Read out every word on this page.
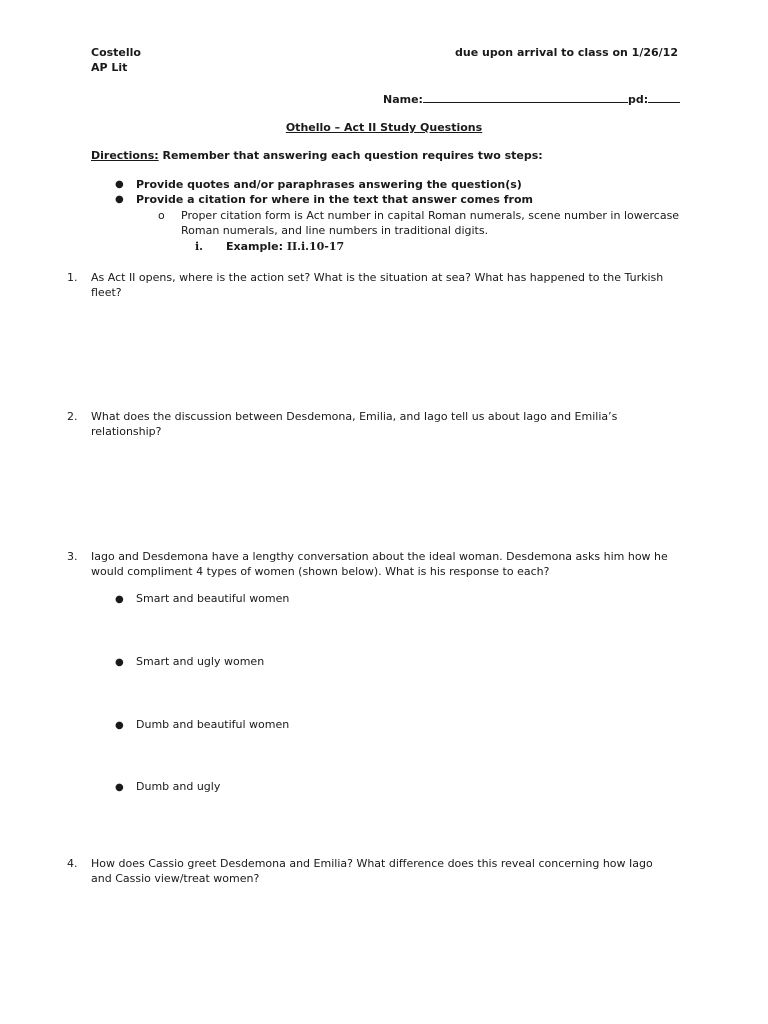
Costello
AP Lit
due upon arrival to class on 1/26/12
Name:	pd:
Othello – Act II Study Questions
Directions: Remember that answering each question requires two steps:
● Provide quotes and/or paraphrases answering the question(s)
● Provide a citation for where in the text that answer comes from
o Proper citation form is Act number in capital Roman numerals, scene number in lowercase
Roman numerals, and line numbers in traditional digits.
i. Example: II.i.10-17
1. As Act II opens, where is the action set? What is the situation at sea? What has happened to the Turkish
fleet?
2. What does the discussion between Desdemona, Emilia, and Iago tell us about Iago and Emilia’s
relationship?
3. Iago and Desdemona have a lengthy conversation about the ideal woman. Desdemona asks him how he
would compliment 4 types of women (shown below). What is his response to each?
● Smart and beautiful women
● Smart and ugly women
● Dumb and beautiful women
● Dumb and ugly
4. How does Cassio greet Desdemona and Emilia? What difference does this reveal concerning how Iago
and Cassio view/treat women?
